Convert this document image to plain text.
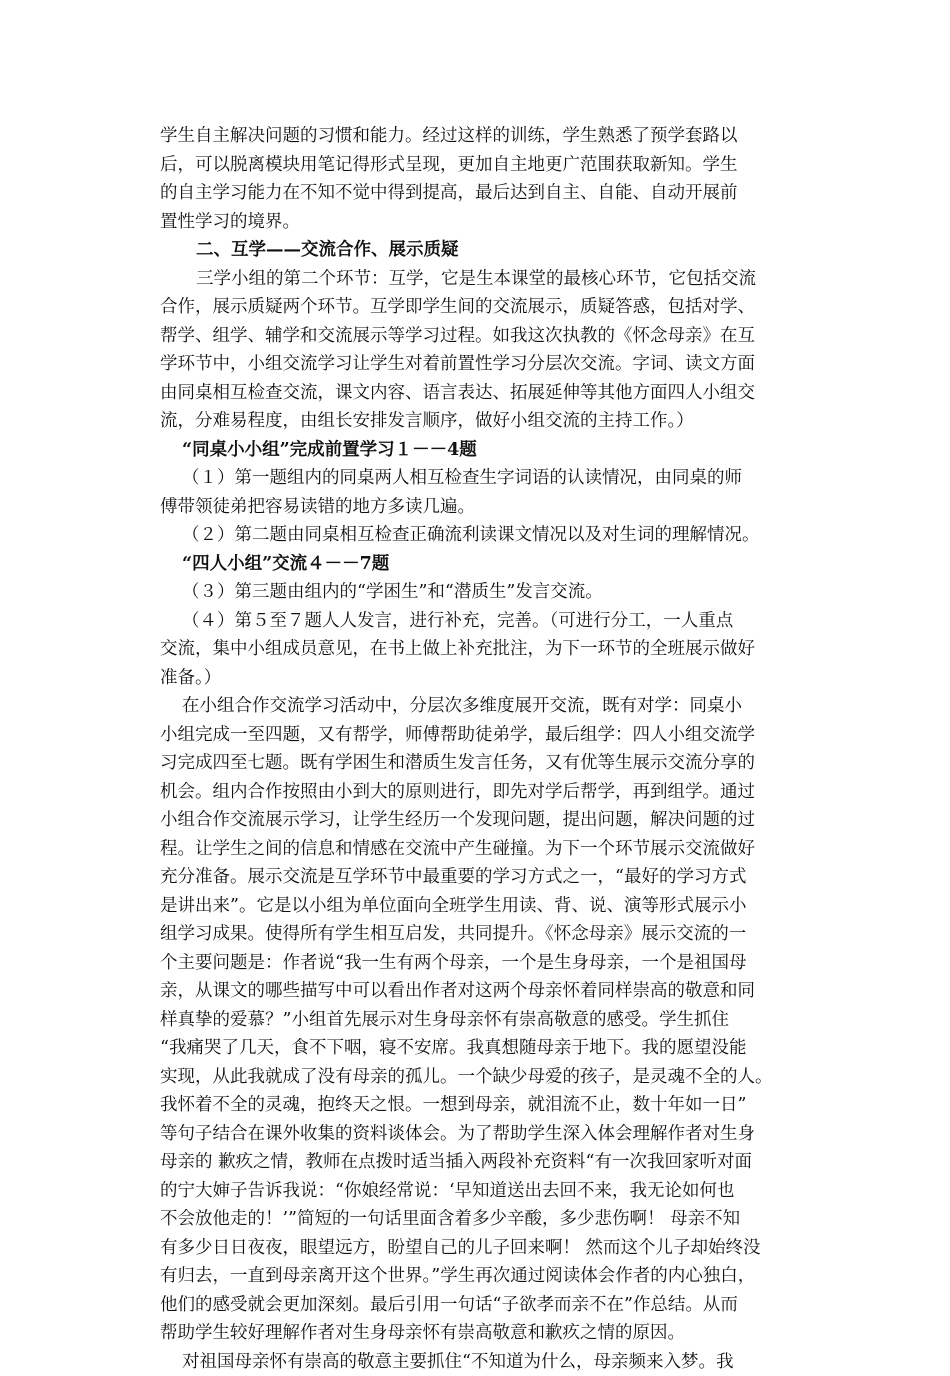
学生自主解决问题的习惯和能力。经过这样的训练，学生熟悉了预学套路以
后，可以脱离模块用笔记得形式呈现，更加自主地更广范围获取新知。学生
的自主学习能力在不知不觉中得到提高，最后达到自主、自能、自动开展前
置性学习的境界。
二、互学——交流合作、展示质疑
三学小组的第二个环节：互学，它是生本课堂的最核心环节，它包括交流
合作，展示质疑两个环节。互学即学生间的交流展示，质疑答惑，包括对学、
帮学、组学、辅学和交流展示等学习过程。如我这次执教的《怀念母亲》在互
学环节中，小组交流学习让学生对着前置性学习分层次交流。字词、读文方面
由同桌相互检查交流，课文内容、语言表达、拓展延伸等其他方面四人小组交
流，分难易程度，由组长安排发言顺序，做好小组交流的主持工作。）
“同桌小小组”完成前置学习１－－4题
（１）第一题组内的同桌两人相互检查生字词语的认读情况，由同桌的师
傅带领徒弟把容易读错的地方多读几遍。
（２）第二题由同桌相互检查正确流利读课文情况以及对生词的理解情况。
“四人小组”交流４－－7题
（３）第三题由组内的“学困生”和“潜质生”发言交流。
（４）第５至７题人人发言，进行补充，完善。（可进行分工，一人重点
交流，集中小组成员意见，在书上做上补充批注，为下一环节的全班展示做好
准备。）
在小组合作交流学习活动中，分层次多维度展开交流，既有对学：同桌小
小组完成一至四题，又有帮学，师傅帮助徒弟学，最后组学：四人小组交流学
习完成四至七题。既有学困生和潜质生发言任务，又有优等生展示交流分享的
机会。组内合作按照由小到大的原则进行，即先对学后帮学，再到组学。通过
小组合作交流展示学习，让学生经历一个发现问题，提出问题，解决问题的过
程。让学生之间的信息和情感在交流中产生碰撞。为下一个环节展示交流做好
充分准备。展示交流是互学环节中最重要的学习方式之一，“最好的学习方式
是讲出来”。它是以小组为单位面向全班学生用读、背、说、演等形式展示小
组学习成果。使得所有学生相互启发，共同提升。《怀念母亲》展示交流的一
个主要问题是：作者说“我一生有两个母亲，一个是生身母亲，一个是祖国母
亲，从课文的哪些描写中可以看出作者对这两个母亲怀着同样崇高的敬意和同
样真挚的爱慕？”小组首先展示对生身母亲怀有崇高敬意的感受。学生抓住
“我痛哭了几天，食不下咽，寝不安席。我真想随母亲于地下。我的愿望没能
实现，从此我就成了没有母亲的孤儿。一个缺少母爱的孩子，是灵魂不全的人。
我怀着不全的灵魂，抱终天之恨。一想到母亲，就泪流不止，数十年如一日”
等句子结合在课外收集的资料谈体会。为了帮助学生深入体会理解作者对生身
母亲的 歉疚之情，教师在点拨时适当插入两段补充资料“有一次我回家听对面
的宁大婶子告诉我说：“你娘经常说：‘早知道送出去回不来，我无论如何也
不会放他走的！’”简短的一句话里面含着多少辛酸，多少悲伤啊！ 母亲不知
有多少日日夜夜，眼望远方，盼望自己的儿子回来啊！ 然而这个儿子却始终没
有归去，一直到母亲离开这个世界。”学生再次通过阅读体会作者的内心独白，
他们的感受就会更加深刻。最后引用一句话“子欲孝而亲不在”作总结。从而
帮助学生较好理解作者对生身母亲怀有崇高敬意和歉疚之情的原因。
对祖国母亲怀有崇高的敬意主要抓住“不知道为什么，母亲频来入梦。我
